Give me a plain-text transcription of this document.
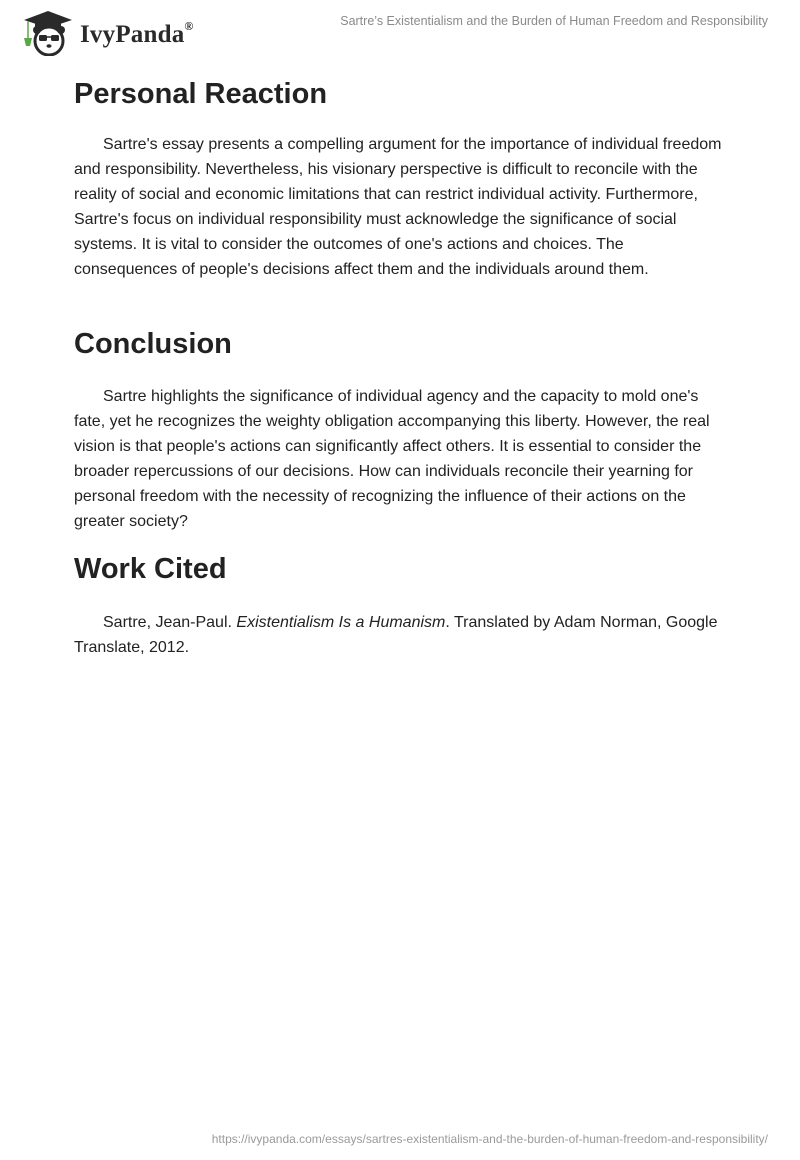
IvyPanda®	Sartre’s Existentialism and the Burden of Human Freedom and Responsibility
Personal Reaction

Sartre's essay presents a compelling argument for the importance of individual freedom and responsibility. Nevertheless, his visionary perspective is difficult to reconcile with the reality of social and economic limitations that can restrict individual activity. Furthermore, Sartre's focus on individual responsibility must acknowledge the significance of social systems. It is vital to consider the outcomes of one's actions and choices. The consequences of people's decisions affect them and the individuals around them.

Conclusion

Sartre highlights the significance of individual agency and the capacity to mold one's fate, yet he recognizes the weighty obligation accompanying this liberty. However, the real vision is that people's actions can significantly affect others. It is essential to consider the broader repercussions of our decisions. How can individuals reconcile their yearning for personal freedom with the necessity of recognizing the influence of their actions on the greater society?

Work Cited

Sartre, Jean-Paul. Existentialism Is a Humanism. Translated by Adam Norman, Google Translate, 2012.

https://ivypanda.com/essays/sartres-existentialism-and-the-burden-of-human-freedom-and-responsibility/
